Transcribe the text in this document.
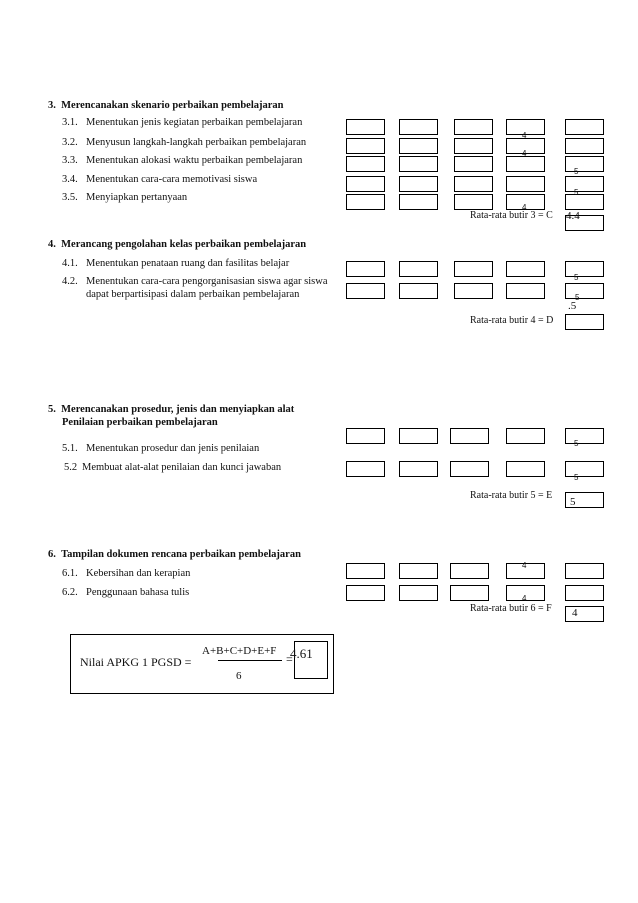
3.  Merencanakan skenario perbaikan pembelajaran
3.1. Menentukan jenis kegiatan perbaikan pembelajaran
3.2. Menyusun langkah-langkah perbaikan pembelajaran
3.3. Menentukan alokasi waktu perbaikan pembelajaran
3.4. Menentukan cara-cara memotivasi siswa
3.5. Menyiapkan pertanyaan
4
4
5
5
4
Rata-rata butir 3 = C 4.4
4.  Merancang pengolahan kelas perbaikan pembelajaran
4.1. Menentukan penataan ruang dan fasilitas belajar
4.2. Menentukan cara-cara pengorganisasian siswa agar siswa
dapat berpartisipasi dalam perbaikan pembelajaran
5
5
Rata-rata butir 4 = D
.5
5.  Merencanakan prosedur, jenis dan menyiapkan alat
Penilaian perbaikan pembelajaran
5.1. Menentukan prosedur dan jenis penilaian
5.2 Membuat alat-alat penilaian dan kunci jawaban
5
5
Rata-rata butir 5 = E
5
6.  Tampilan dokumen rencana perbaikan pembelajaran
6.1. Kebersihan dan kerapian
6.2. Penggunaan bahasa tulis
4
4
Rata-rata butir 6 = F 4
Nilai APKG 1 PGSD =
A+B+C+D+E+F
6
=
4.61
